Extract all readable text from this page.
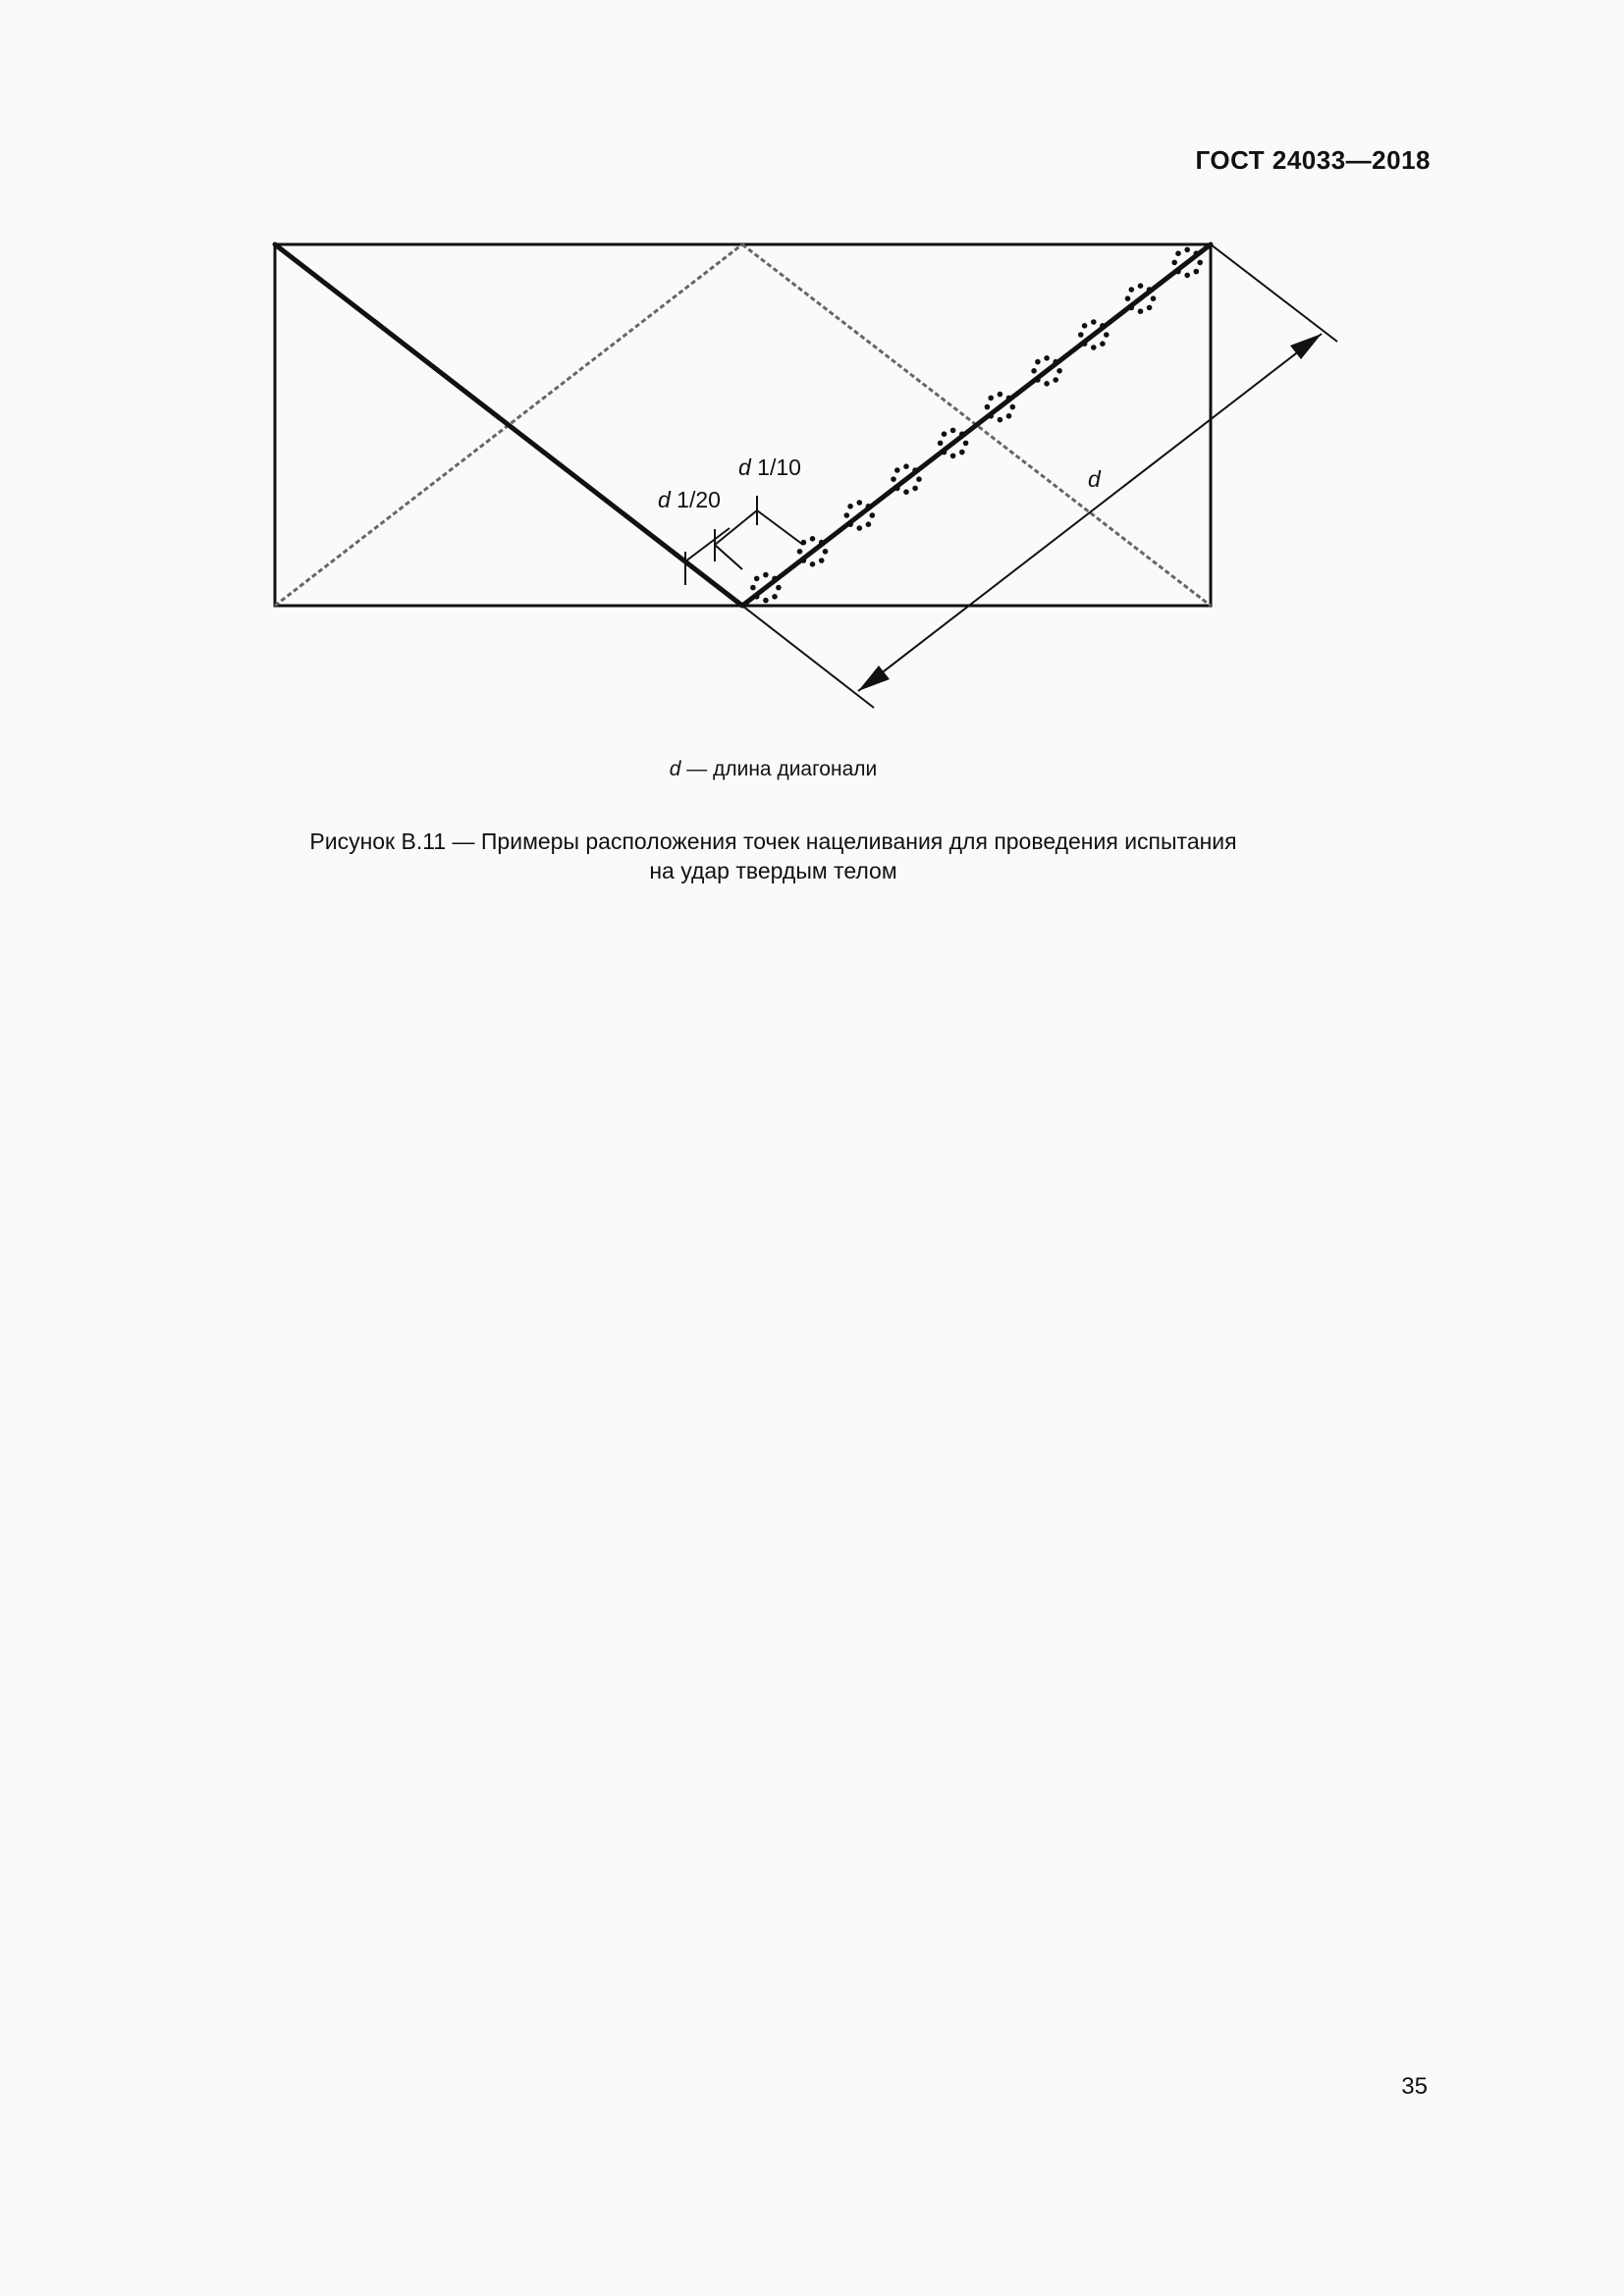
ГОСТ 24033—2018
d 1/10
d 1/20
d
d — длина диагонали
Рисунок В.11 — Примеры расположения точек нацеливания для проведения испытания
на удар твердым телом
35
